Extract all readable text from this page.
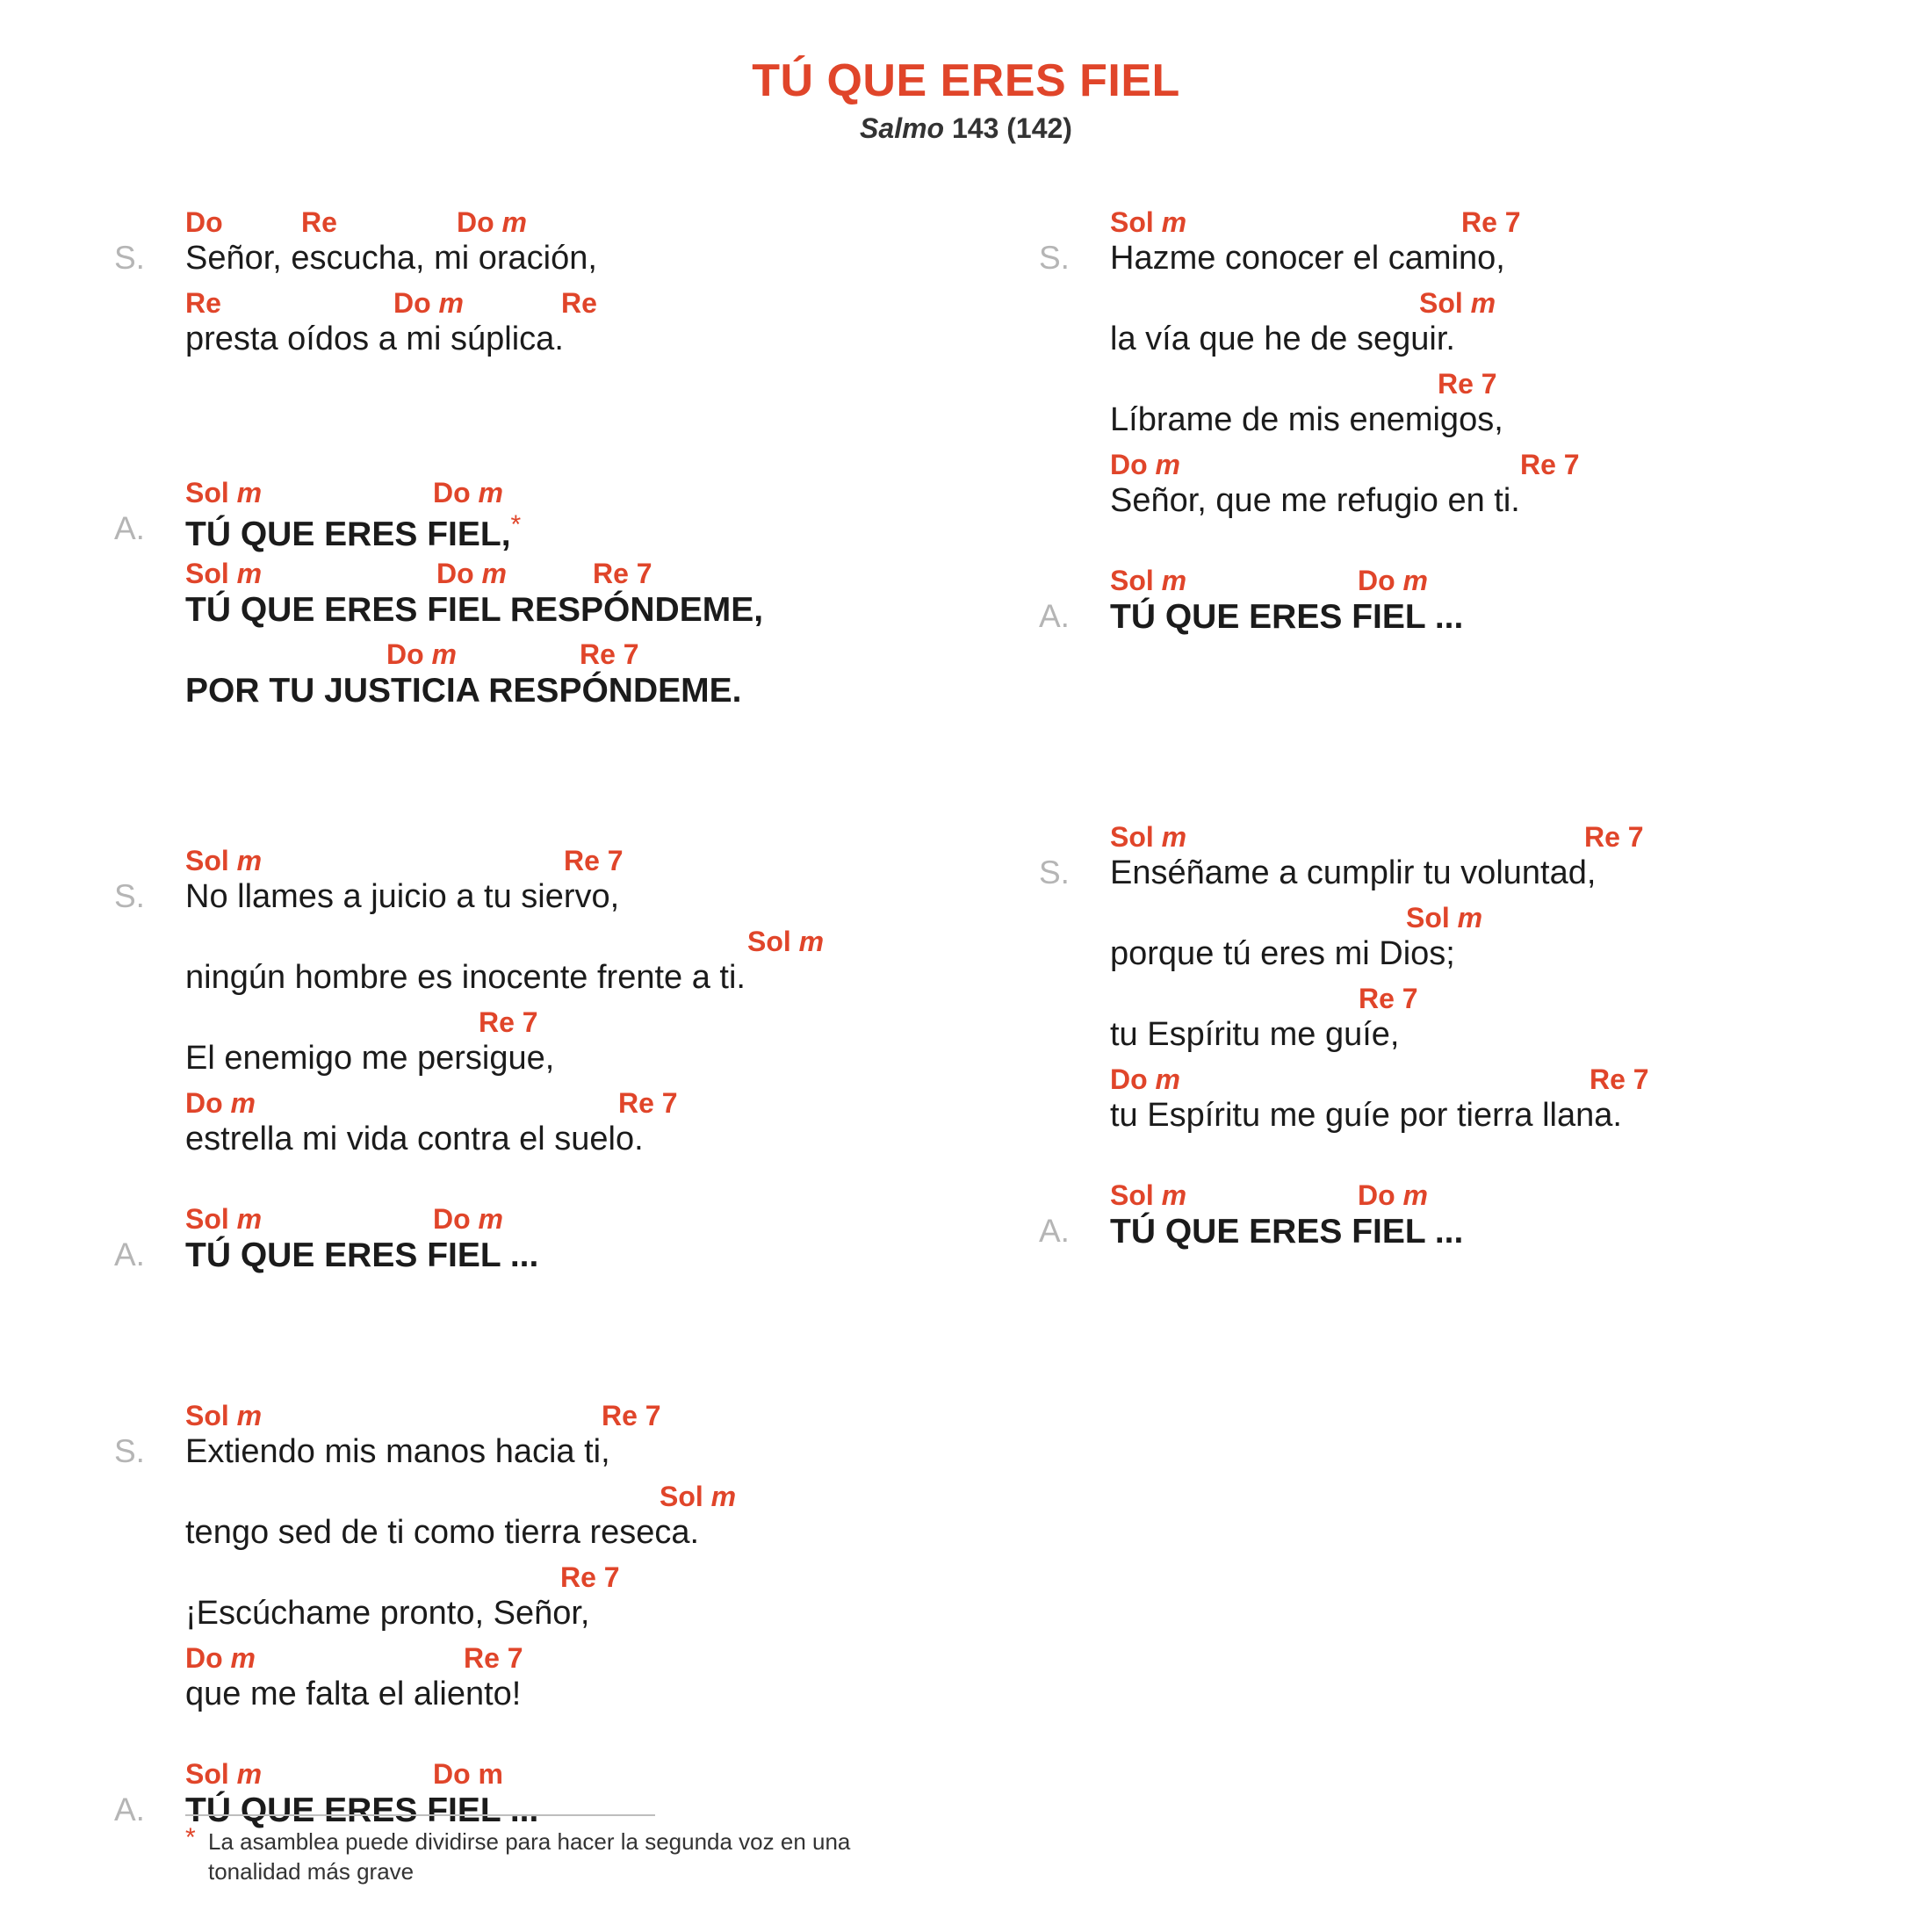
TÚ QUE ERES FIEL
Salmo 143 (142)
S.
Do	Re	Do m
Señor, escucha, mi oración,
Re	Do m	Re
presta oídos a mi súplica.
A.
Sol m	Do m
TÚ QUE ERES FIEL,*
Sol m	Do m	Re 7
TÚ QUE ERES FIEL RESPÓNDEME,
Do m	Re 7
POR TU JUSTICIA RESPÓNDEME.
S.
Sol m	Re 7
No llames a juicio a tu siervo,
Sol m
ningún hombre es inocente frente a ti.
Re 7
El enemigo me persigue,
Do m	Re 7
estrella mi vida contra el suelo.
A.
Sol m	Do m
TÚ QUE ERES FIEL ...
S.
Sol m	Re 7
Extiendo mis manos hacia ti,
Sol m
tengo sed de ti como tierra reseca.
Re 7
¡Escúchame pronto, Señor,
Do m	Re 7
que me falta el aliento!
A.
Sol m	Do m
TÚ QUE ERES FIEL ...
S.
Sol m	Re 7
Hazme conocer el camino,
Sol m
la vía que he de seguir.
Re 7
Líbrame de mis enemigos,
Do m	Re 7
Señor, que me refugio en ti.
A.
Sol m	Do m
TÚ QUE ERES FIEL ...
S.
Sol m	Re 7
Enséñame a cumplir tu voluntad,
Sol m
porque tú eres mi Dios;
Re 7
tu Espíritu me guíe,
Do m	Re 7
tu Espíritu me guíe por tierra llana.
A.
Sol m	Do m
TÚ QUE ERES FIEL ...
* La asamblea puede dividirse para hacer la segunda voz en una tonalidad más grave
